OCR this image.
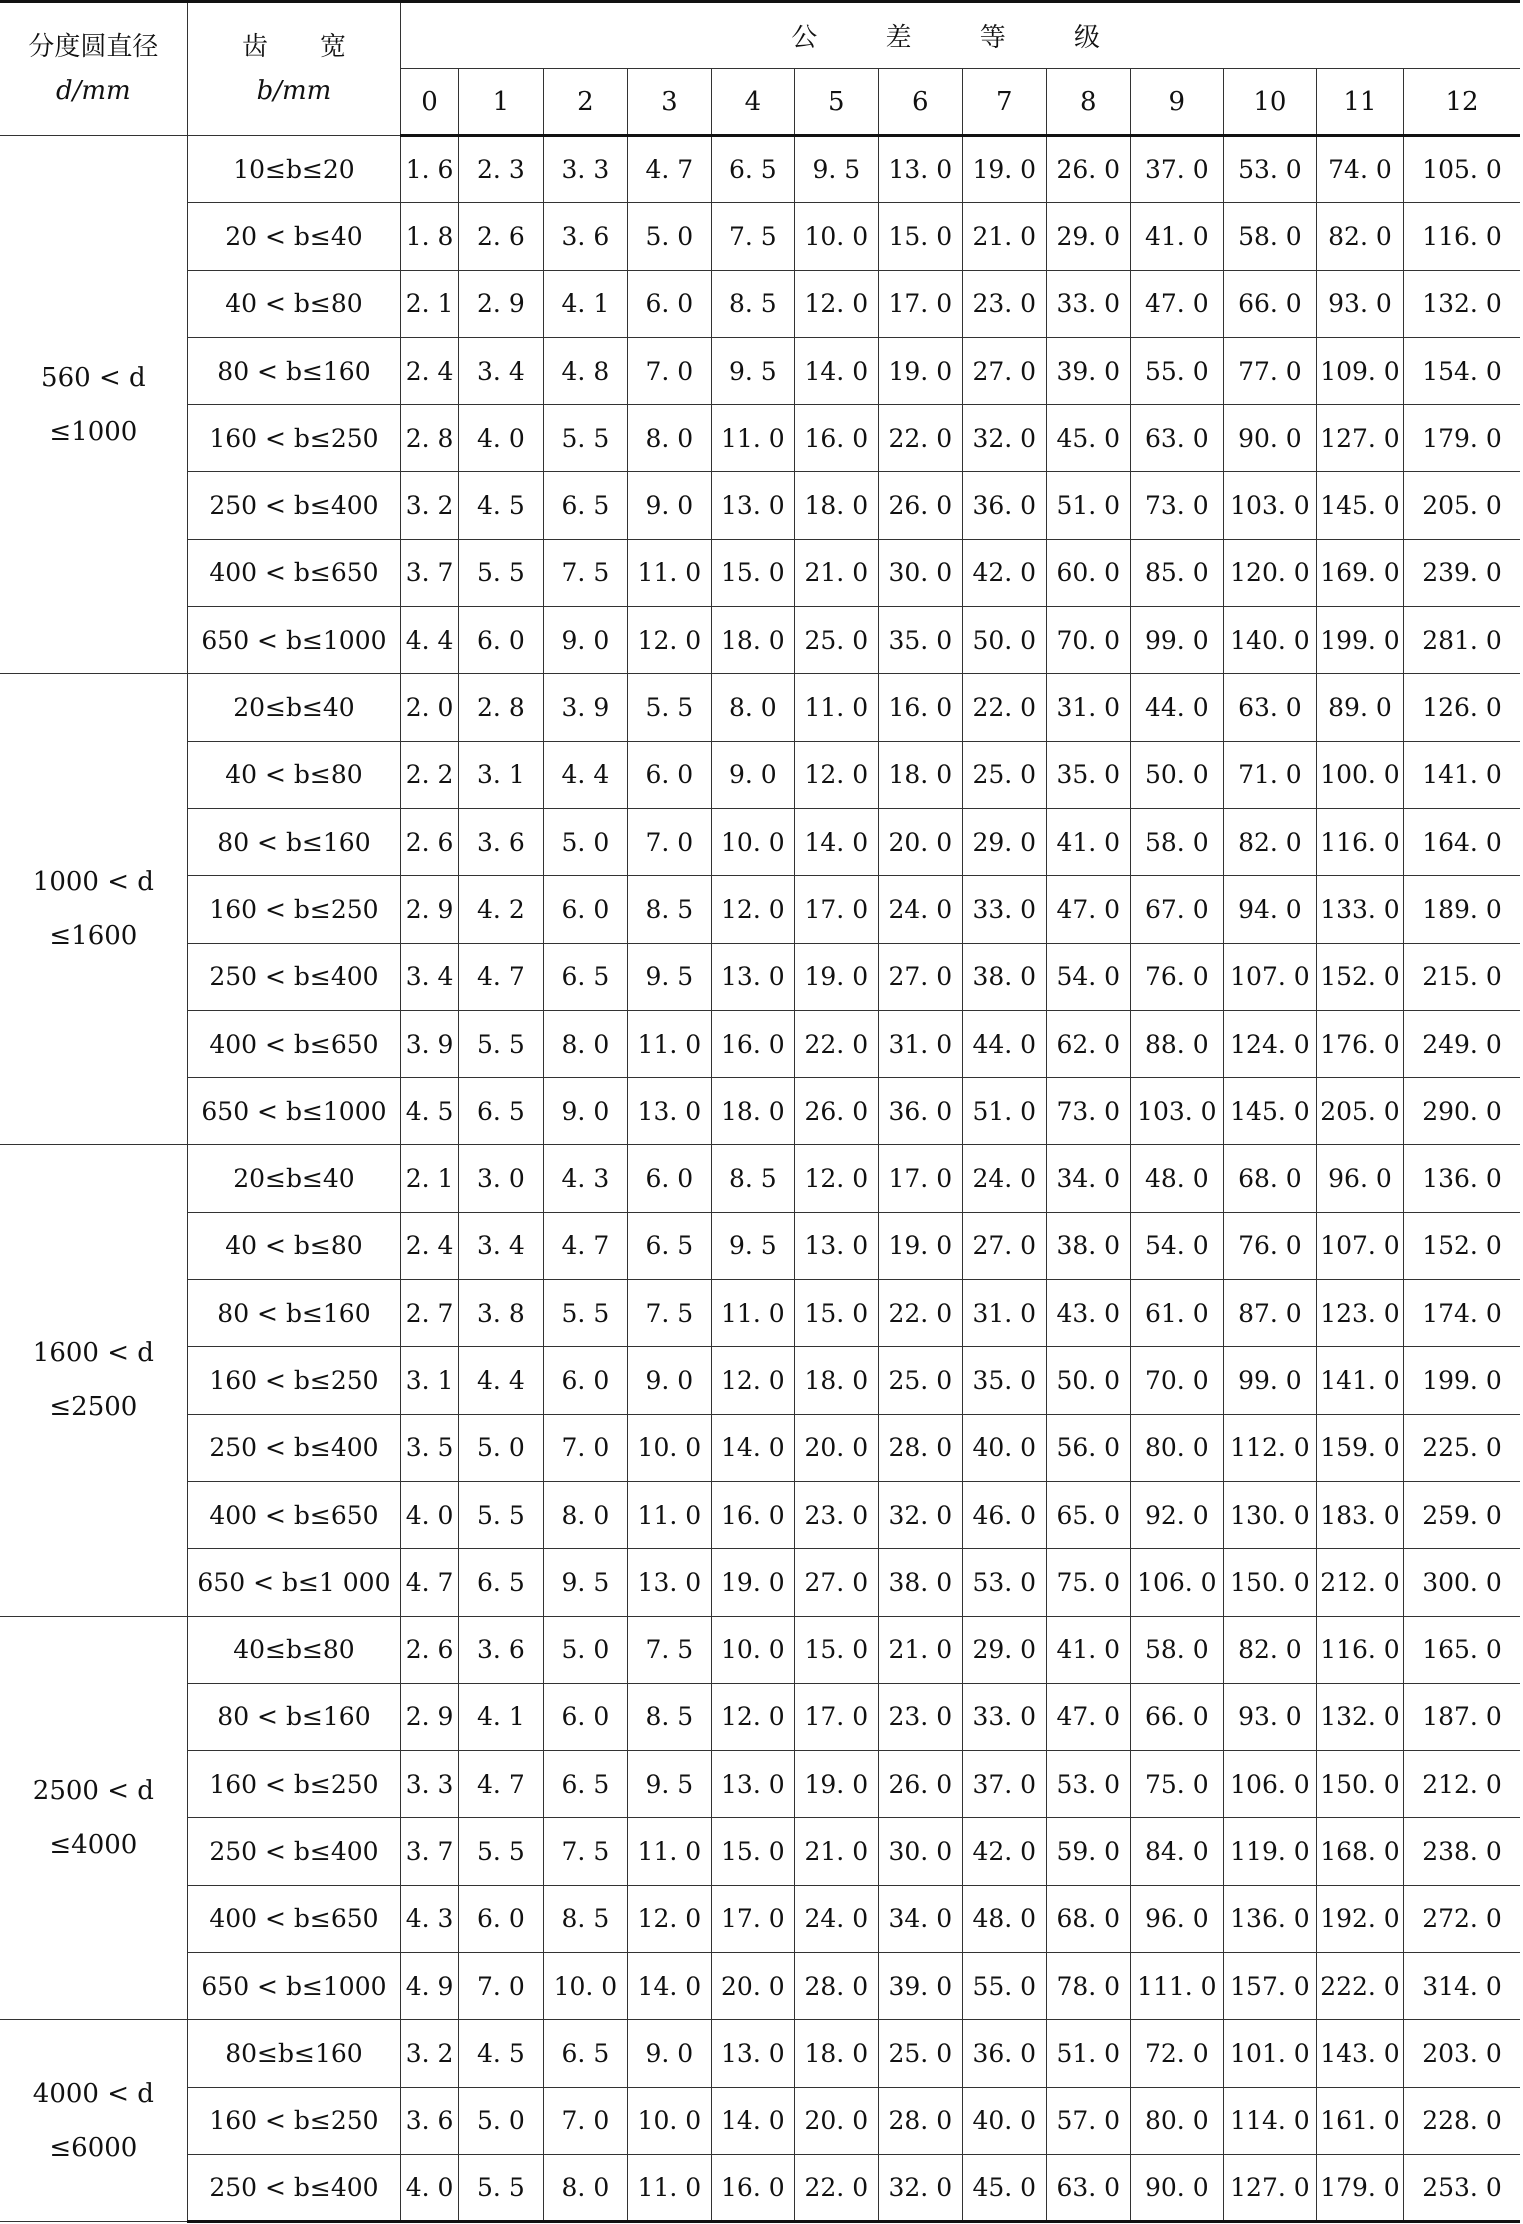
分度圆直径
d/mm	齿　　宽
b/mm	公 差 等 级												
		0	1	2	3	4	5	6	7	8	9	10	11	12

560 < d
≤1000	10≤b≤20	1. 6	2. 3	3. 3	4. 7	6. 5	9. 5	13. 0	19. 0	26. 0	37. 0	53. 0	74. 0	105. 0
	20 < b≤40	1. 8	2. 6	3. 6	5. 0	7. 5	10. 0	15. 0	21. 0	29. 0	41. 0	58. 0	82. 0	116. 0
	40 < b≤80	2. 1	2. 9	4. 1	6. 0	8. 5	12. 0	17. 0	23. 0	33. 0	47. 0	66. 0	93. 0	132. 0
	80 < b≤160	2. 4	3. 4	4. 8	7. 0	9. 5	14. 0	19. 0	27. 0	39. 0	55. 0	77. 0	109. 0	154. 0
	160 < b≤250	2. 8	4. 0	5. 5	8. 0	11. 0	16. 0	22. 0	32. 0	45. 0	63. 0	90. 0	127. 0	179. 0
	250 < b≤400	3. 2	4. 5	6. 5	9. 0	13. 0	18. 0	26. 0	36. 0	51. 0	73. 0	103. 0	145. 0	205. 0
	400 < b≤650	3. 7	5. 5	7. 5	11. 0	15. 0	21. 0	30. 0	42. 0	60. 0	85. 0	120. 0	169. 0	239. 0
	650 < b≤1000	4. 4	6. 0	9. 0	12. 0	18. 0	25. 0	35. 0	50. 0	70. 0	99. 0	140. 0	199. 0	281. 0

1000 < d
≤1600	20≤b≤40	2. 0	2. 8	3. 9	5. 5	8. 0	11. 0	16. 0	22. 0	31. 0	44. 0	63. 0	89. 0	126. 0
	40 < b≤80	2. 2	3. 1	4. 4	6. 0	9. 0	12. 0	18. 0	25. 0	35. 0	50. 0	71. 0	100. 0	141. 0
	80 < b≤160	2. 6	3. 6	5. 0	7. 0	10. 0	14. 0	20. 0	29. 0	41. 0	58. 0	82. 0	116. 0	164. 0
	160 < b≤250	2. 9	4. 2	6. 0	8. 5	12. 0	17. 0	24. 0	33. 0	47. 0	67. 0	94. 0	133. 0	189. 0
	250 < b≤400	3. 4	4. 7	6. 5	9. 5	13. 0	19. 0	27. 0	38. 0	54. 0	76. 0	107. 0	152. 0	215. 0
	400 < b≤650	3. 9	5. 5	8. 0	11. 0	16. 0	22. 0	31. 0	44. 0	62. 0	88. 0	124. 0	176. 0	249. 0
	650 < b≤1000	4. 5	6. 5	9. 0	13. 0	18. 0	26. 0	36. 0	51. 0	73. 0	103. 0	145. 0	205. 0	290. 0

1600 < d
≤2500	20≤b≤40	2. 1	3. 0	4. 3	6. 0	8. 5	12. 0	17. 0	24. 0	34. 0	48. 0	68. 0	96. 0	136. 0
	40 < b≤80	2. 4	3. 4	4. 7	6. 5	9. 5	13. 0	19. 0	27. 0	38. 0	54. 0	76. 0	107. 0	152. 0
	80 < b≤160	2. 7	3. 8	5. 5	7. 5	11. 0	15. 0	22. 0	31. 0	43. 0	61. 0	87. 0	123. 0	174. 0
	160 < b≤250	3. 1	4. 4	6. 0	9. 0	12. 0	18. 0	25. 0	35. 0	50. 0	70. 0	99. 0	141. 0	199. 0
	250 < b≤400	3. 5	5. 0	7. 0	10. 0	14. 0	20. 0	28. 0	40. 0	56. 0	80. 0	112. 0	159. 0	225. 0
	400 < b≤650	4. 0	5. 5	8. 0	11. 0	16. 0	23. 0	32. 0	46. 0	65. 0	92. 0	130. 0	183. 0	259. 0
	650 < b≤1 000	4. 7	6. 5	9. 5	13. 0	19. 0	27. 0	38. 0	53. 0	75. 0	106. 0	150. 0	212. 0	300. 0

2500 < d
≤4000	40≤b≤80	2. 6	3. 6	5. 0	7. 5	10. 0	15. 0	21. 0	29. 0	41. 0	58. 0	82. 0	116. 0	165. 0
	80 < b≤160	2. 9	4. 1	6. 0	8. 5	12. 0	17. 0	23. 0	33. 0	47. 0	66. 0	93. 0	132. 0	187. 0
	160 < b≤250	3. 3	4. 7	6. 5	9. 5	13. 0	19. 0	26. 0	37. 0	53. 0	75. 0	106. 0	150. 0	212. 0
	250 < b≤400	3. 7	5. 5	7. 5	11. 0	15. 0	21. 0	30. 0	42. 0	59. 0	84. 0	119. 0	168. 0	238. 0
	400 < b≤650	4. 3	6. 0	8. 5	12. 0	17. 0	24. 0	34. 0	48. 0	68. 0	96. 0	136. 0	192. 0	272. 0
	650 < b≤1000	4. 9	7. 0	10. 0	14. 0	20. 0	28. 0	39. 0	55. 0	78. 0	111. 0	157. 0	222. 0	314. 0

4000 < d
≤6000	80≤b≤160	3. 2	4. 5	6. 5	9. 0	13. 0	18. 0	25. 0	36. 0	51. 0	72. 0	101. 0	143. 0	203. 0
	160 < b≤250	3. 6	5. 0	7. 0	10. 0	14. 0	20. 0	28. 0	40. 0	57. 0	80. 0	114. 0	161. 0	228. 0
	250 < b≤400	4. 0	5. 5	8. 0	11. 0	16. 0	22. 0	32. 0	45. 0	63. 0	90. 0	127. 0	179. 0	253. 0
